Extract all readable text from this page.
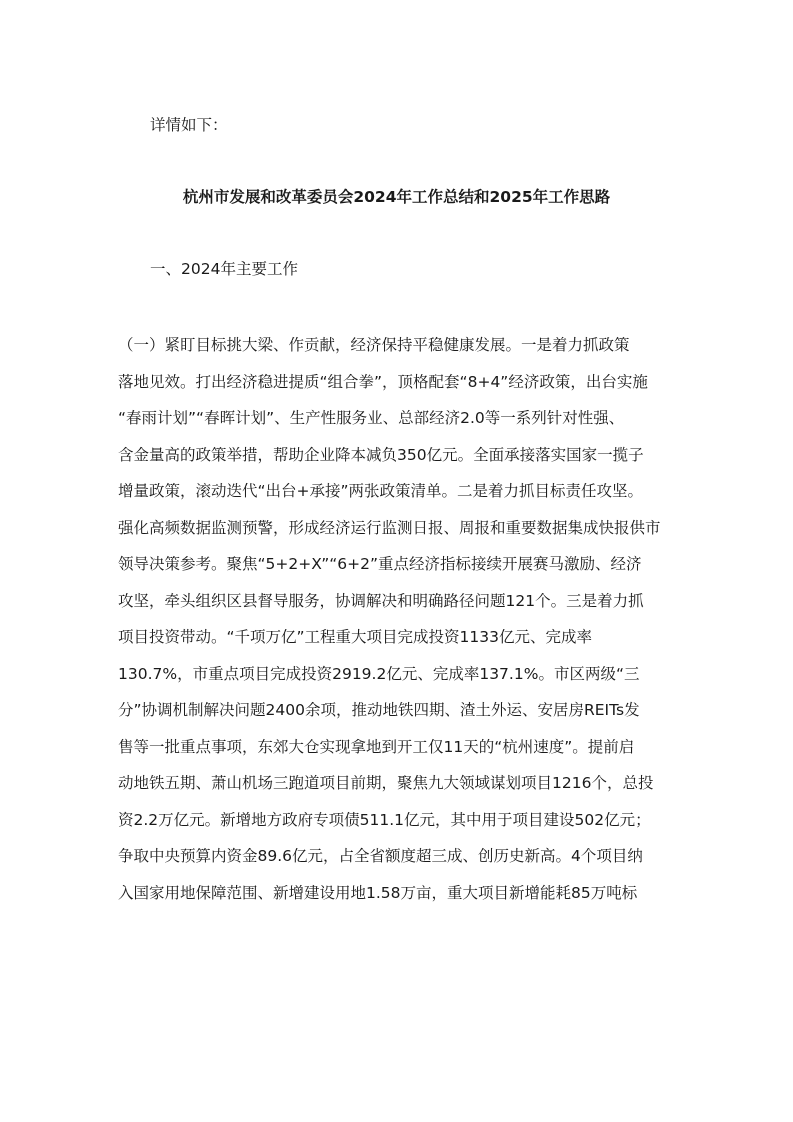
详情如下：
杭州市发展和改革委员会2024年工作总结和2025年工作思路
一、2024年主要工作
（一）紧盯目标挑大梁、作贡献，经济保持平稳健康发展。一是着力抓政策
落地见效。打出经济稳进提质“组合拳”，顶格配套“8+4”经济政策，出台实施
“春雨计划”“春晖计划”、生产性服务业、总部经济2.0等一系列针对性强、
含金量高的政策举措，帮助企业降本减负350亿元。全面承接落实国家一揽子
增量政策，滚动迭代“出台+承接”两张政策清单。二是着力抓目标责任攻坚。
强化高频数据监测预警，形成经济运行监测日报、周报和重要数据集成快报供市
领导决策参考。聚焦“5+2+X”“6+2”重点经济指标接续开展赛马激励、经济
攻坚，牵头组织区县督导服务，协调解决和明确路径问题121个。三是着力抓
项目投资带动。“千项万亿”工程重大项目完成投资1133亿元、完成率
130.7%，市重点项目完成投资2919.2亿元、完成率137.1%。市区两级“三
分”协调机制解决问题2400余项，推动地铁四期、渣土外运、安居房REITs发
售等一批重点事项，东郊大仓实现拿地到开工仅11天的“杭州速度”。提前启
动地铁五期、萧山机场三跑道项目前期，聚焦九大领域谋划项目1216个，总投
资2.2万亿元。新增地方政府专项债511.1亿元，其中用于项目建设502亿元；
争取中央预算内资金89.6亿元，占全省额度超三成、创历史新高。4个项目纳
入国家用地保障范围、新增建设用地1.58万亩，重大项目新增能耗85万吨标
